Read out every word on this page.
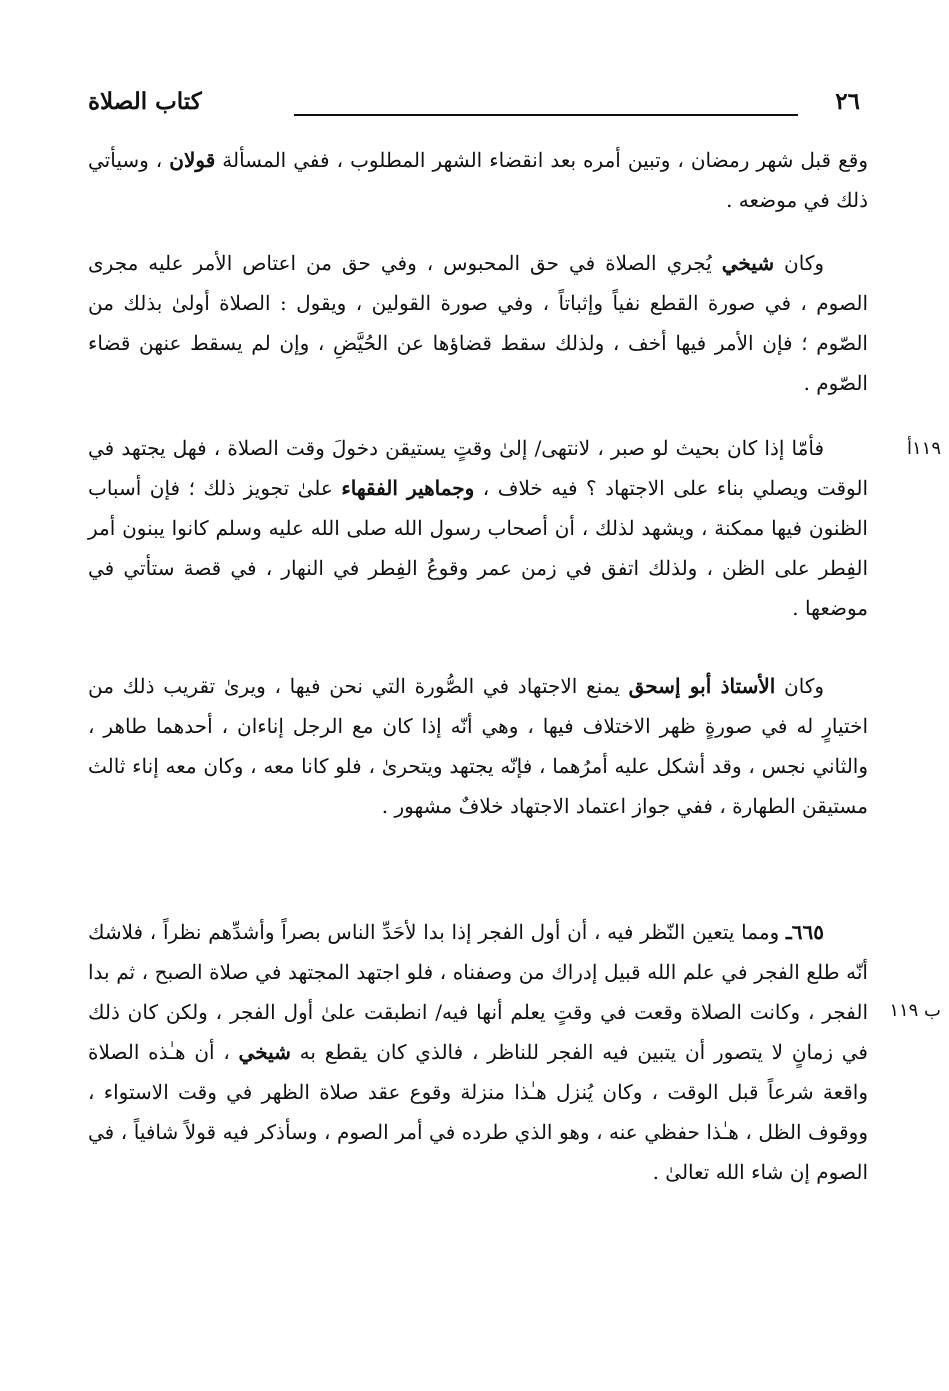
كتاب الصلاة	٢٦

وقع قبل شهر رمضان ، وتبين أمره بعد انقضاء الشهر المطلوب ، ففي المسألة قولان ، وسيأتي ذلك في موضعه .

وكان شيخي يُجري الصلاة في حق المحبوس ، وفي حق من اعتاص الأمر عليه مجرى الصوم ، في صورة القطع نفياً وإثباتاً ، وفي صورة القولين ، ويقول : الصلاة أولىٰ بذلك من الصّوم ؛ فإن الأمر فيها أخف ، ولذلك سقط قضاؤها عن الحُيَّضِ ، وإن لم يسقط عنهن قضاء الصّوم .

١١٩أ

فأمّا إذا كان بحيث لو صبر ، لانتهى/ إلىٰ وقتٍ يستيقن دخولَ وقت الصلاة ، فهل يجتهد في الوقت ويصلي بناء على الاجتهاد ؟ فيه خلاف ، وجماهير الفقهاء علىٰ تجويز ذلك ؛ فإن أسباب الظنون فيها ممكنة ، ويشهد لذلك ، أن أصحاب رسول الله صلى الله عليه وسلم كانوا يبنون أمر الفِطر على الظن ، ولذلك اتفق في زمن عمر وقوعُ الفِطر في النهار ، في قصة ستأتي في موضعها .

وكان الأستاذ أبو إسحق يمنع الاجتهاد في الصُّورة التي نحن فيها ، ويرىٰ تقريب ذلك من اختيارٍ له في صورةٍ ظهر الاختلاف فيها ، وهي أنّه إذا كان مع الرجل إناءان ، أحدهما طاهر ، والثاني نجس ، وقد أشكل عليه أمرُهما ، فإنّه يجتهد ويتحرىٰ ، فلو كانا معه ، وكان معه إناء ثالث مستيقن الطهارة ، ففي جواز اعتماد الاجتهاد خلافٌ مشهور .

ب ١١٩

٦٦٥ـ ومما يتعين النّظر فيه ، أن أول الفجر إذا بدا لأحَدِّ الناس بصراً وأشدِّهم نظراً ، فلاشك أنّه طلع الفجر في علم الله قبيل إدراك من وصفناه ، فلو اجتهد المجتهد في صلاة الصبح ، ثم بدا الفجر ، وكانت الصلاة وقعت في وقتٍ يعلم أنها فيه/ انطبقت علىٰ أول الفجر ، ولكن كان ذلك في زمانٍ لا يتصور أن يتبين فيه الفجر للناظر ، فالذي كان يقطع به شيخي ، أن هـٰذه الصلاة واقعة شرعاً قبل الوقت ، وكان يُنزل هـٰذا منزلة وقوع عقد صلاة الظهر في وقت الاستواء ، ووقوف الظل ، هـٰذا حفظي عنه ، وهو الذي طرده في أمر الصوم ، وسأذكر فيه قولاً شافياً ، في الصوم إن شاء الله تعالىٰ .
